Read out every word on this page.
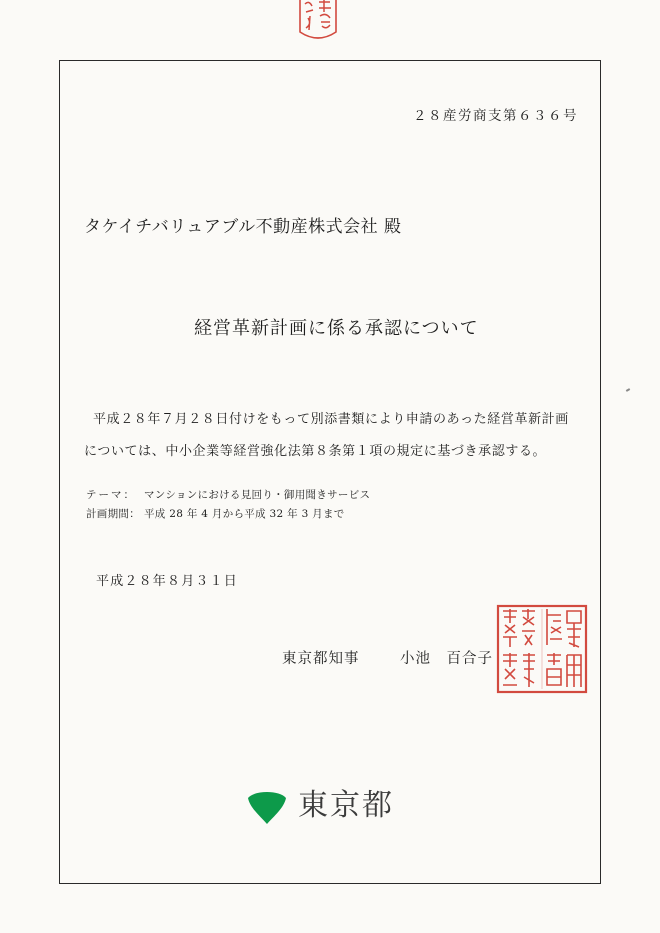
２８産労商支第６３６号
タケイチバリュアブル不動産株式会社 殿
経営革新計画に係る承認について
平成２８年７月２８日付けをもって別添書類により申請のあった経営革新計画
については、中小企業等経営強化法第８条第１項の規定に基づき承認する。
テーマ： マンションにおける見回り・御用聞きサービス
計画期間： 平成 28 年 4 月から平成 32 年 3 月まで
平成２８年８月３１日
東京都知事	小池　百合子
東京都
